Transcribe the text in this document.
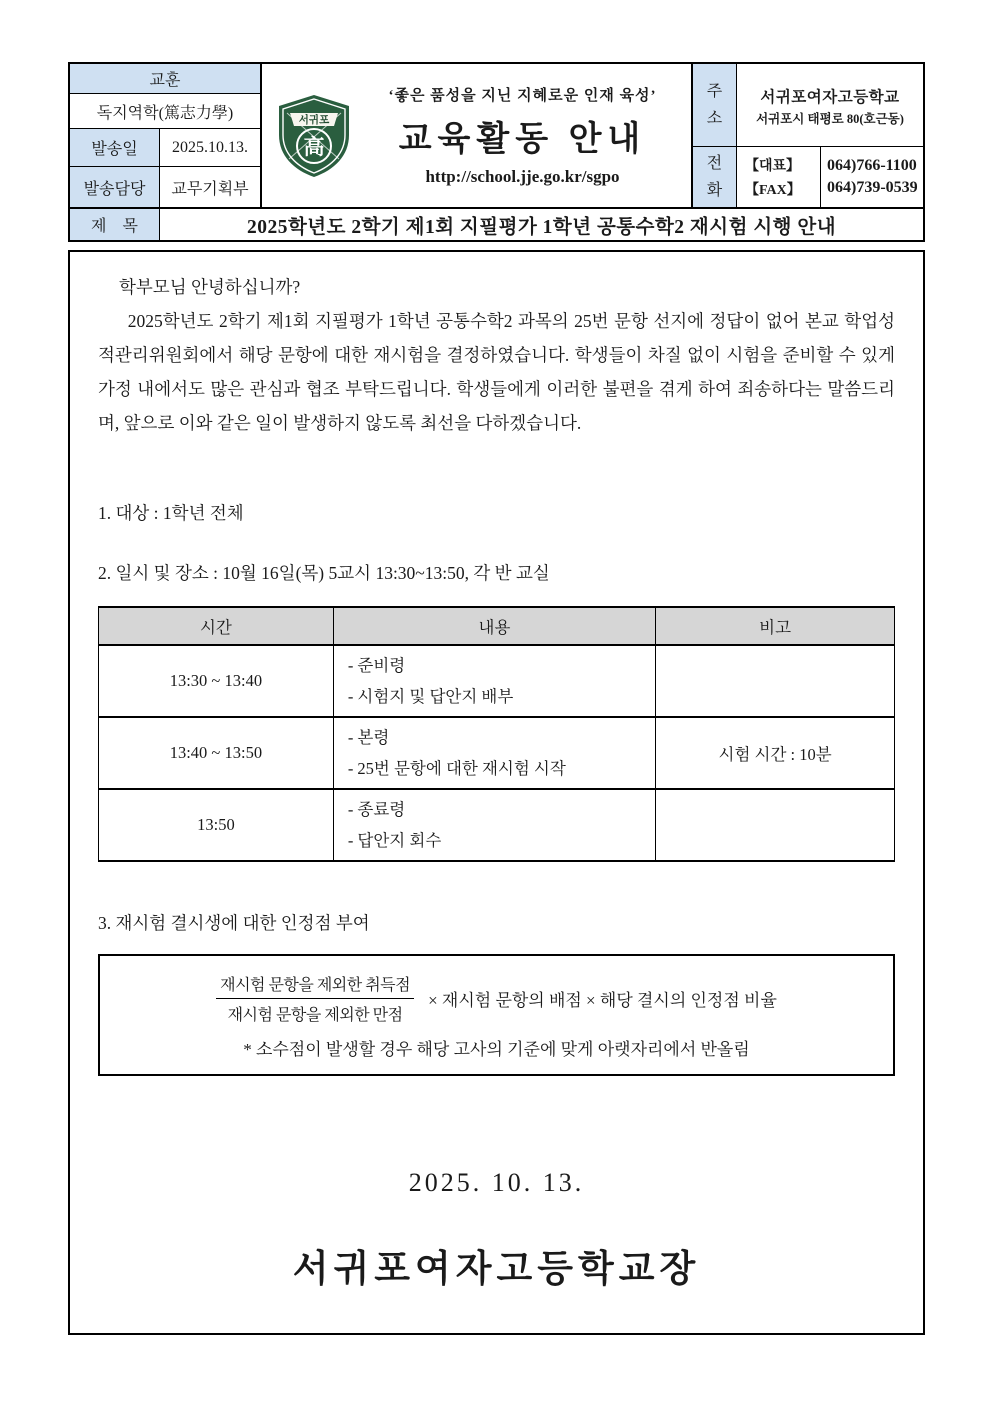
교훈
독지역학(篤志力學)
발송일	2025.10.13.
발송담당	교무기획부
서귀포
高
‘좋은 품성을 지닌 지혜로운 인재 육성’
교육활동 안내
http://school.jje.go.kr/sgpo
주소
서귀포여자고등학교
서귀포시 태평로 80(호근동)
전화
【대표】
【FAX】
064)766-1100
064)739-0539
제　목	2025학년도 2학기 제1회 지필평가 1학년 공통수학2 재시험 시행 안내

학부모님 안녕하십니까?

2025학년도 2학기 제1회 지필평가 1학년 공통수학2 과목의 25번 문항 선지에 정답이 없어 본교 학업성적관리위원회에서 해당 문항에 대한 재시험을 결정하였습니다. 학생들이 차질 없이 시험을 준비할 수 있게 가정 내에서도 많은 관심과 협조 부탁드립니다. 학생들에게 이러한 불편을 겪게 하여 죄송하다는 말씀드리며, 앞으로 이와 같은 일이 발생하지 않도록 최선을 다하겠습니다.

1. 대상 : 1학년 전체
2. 일시 및 장소 : 10월 16일(목) 5교시 13:30~13:50, 각 반 교실
시간	내용	비고
13:30 ~ 13:40	- 준비령
- 시험지 및 답안지 배부	

13:40 ~ 13:50	- 본령
- 25번 문항에 대한 재시험 시작	시험 시간 : 10분
13:50	- 종료령
- 답안지 회수	

3. 재시험 결시생에 대한 인정점 부여
$\frac{\text{재시험 문항을 제외한 취득점}}{\text{재시험 문항을 제외한 만점}}$ × 재시험 문항의 배점 × 해당 결시의 인정점 비율
* 소수점이 발생할 경우 해당 고사의 기준에 맞게 아랫자리에서 반올림
2025. 10. 13.
서귀포여자고등학교장
